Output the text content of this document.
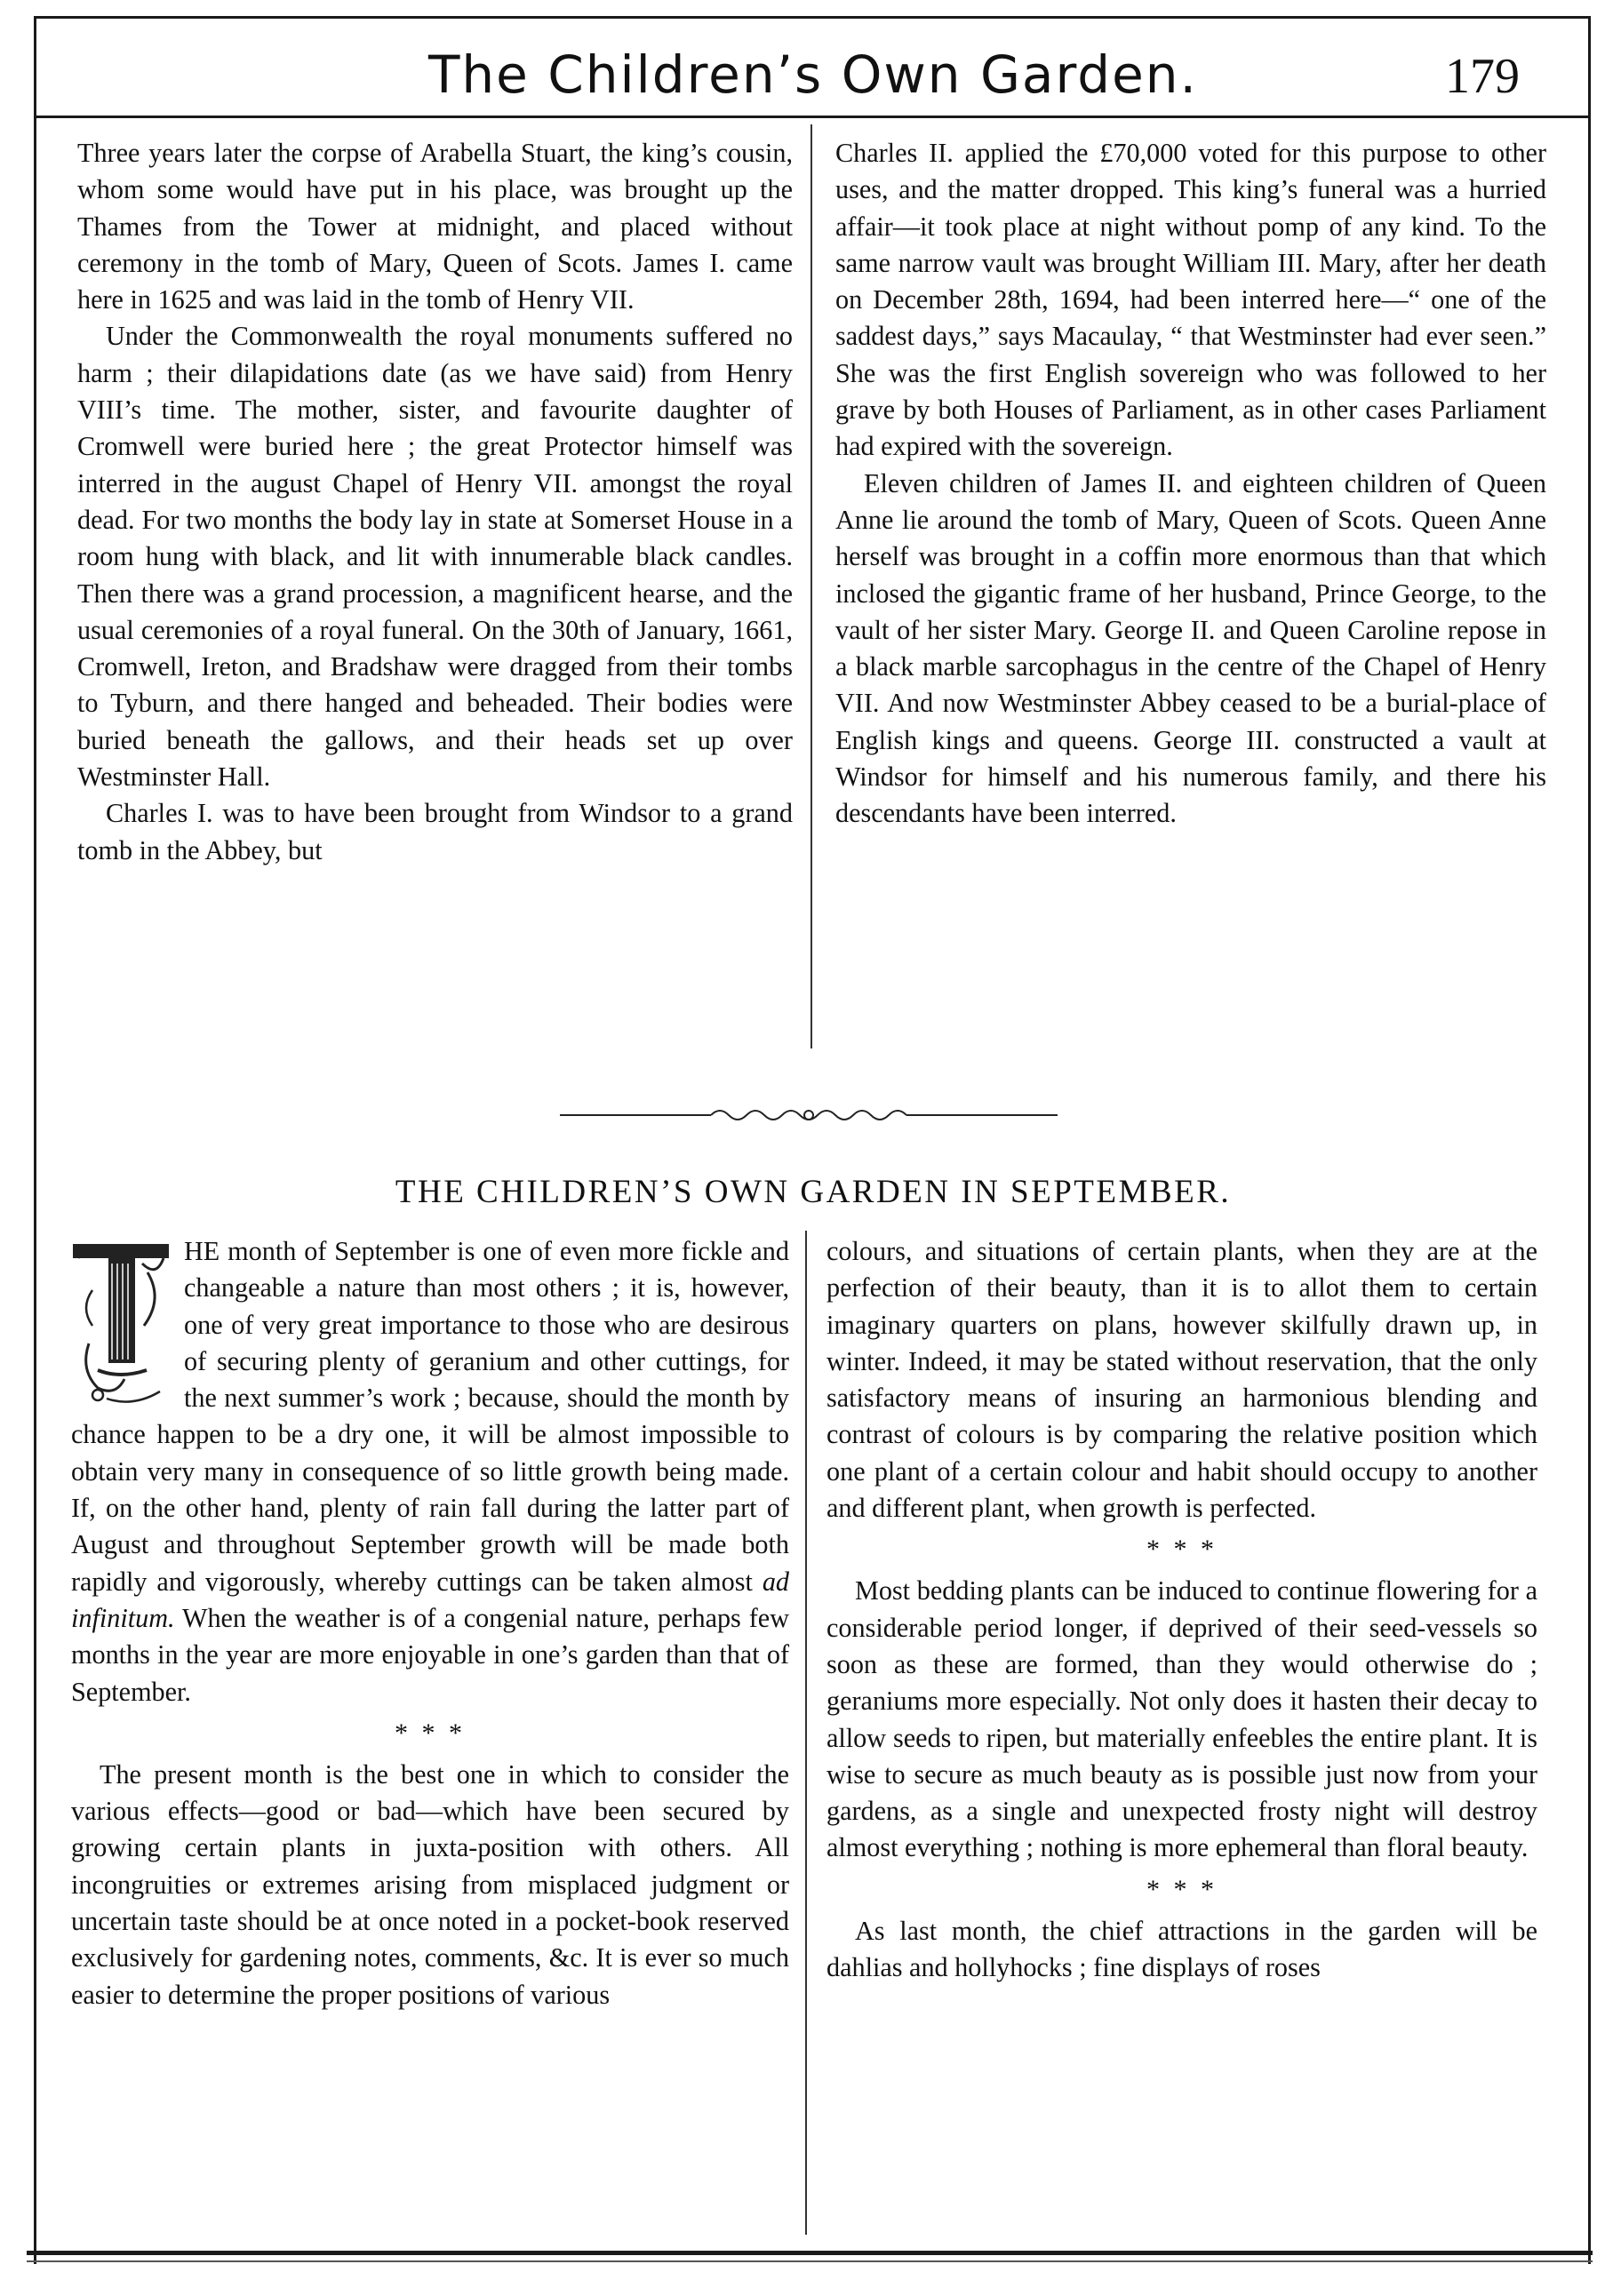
The Children’s Own Garden.	179

Three years later the corpse of Arabella Stuart, the king’s cousin, whom some would have put in his place, was brought up the Thames from the Tower at midnight, and placed without ceremony in the tomb of Mary, Queen of Scots. James I. came here in 1625 and was laid in the tomb of Henry VII.

Under the Commonwealth the royal monuments suffered no harm ; their dilapidations date (as we have said) from Henry VIII’s time. The mother, sister, and favourite daughter of Cromwell were buried here ; the great Protector himself was interred in the august Chapel of Henry VII. amongst the royal dead. For two months the body lay in state at Somerset House in a room hung with black, and lit with innumerable black candles. Then there was a grand procession, a magnificent hearse, and the usual ceremonies of a royal funeral. On the 30th of January, 1661, Cromwell, Ireton, and Bradshaw were dragged from their tombs to Tyburn, and there hanged and beheaded. Their bodies were buried beneath the gallows, and their heads set up over Westminster Hall.

Charles I. was to have been brought from Windsor to a grand tomb in the Abbey, but

Charles II. applied the £70,000 voted for this purpose to other uses, and the matter dropped. This king’s funeral was a hurried affair—it took place at night without pomp of any kind. To the same narrow vault was brought William III. Mary, after her death on December 28th, 1694, had been interred here—“ one of the saddest days,” says Macaulay, “ that Westminster had ever seen.” She was the first English sovereign who was followed to her grave by both Houses of Parliament, as in other cases Parliament had expired with the sovereign.

Eleven children of James II. and eighteen children of Queen Anne lie around the tomb of Mary, Queen of Scots. Queen Anne herself was brought in a coffin more enormous than that which inclosed the gigantic frame of her husband, Prince George, to the vault of her sister Mary. George II. and Queen Caroline repose in a black marble sarcophagus in the centre of the Chapel of Henry VII. And now Westminster Abbey ceased to be a burial-place of English kings and queens. George III. constructed a vault at Windsor for himself and his numerous family, and there his descendants have been interred.

THE CHILDREN’S OWN GARDEN IN SEPTEMBER.

HE month of September is one of even more fickle and changeable a nature than most others ; it is, however, one of very great importance to those who are desirous of securing plenty of geranium and other cuttings, for the next summer’s work ; because, should the month by chance happen to be a dry one, it will be almost impossible to obtain very many in consequence of so little growth being made. If, on the other hand, plenty of rain fall during the latter part of August and throughout September growth will be made both rapidly and vigorously, whereby cuttings can be taken almost ad infinitum. When the weather is of a congenial nature, perhaps few months in the year are more enjoyable in one’s garden than that of September.

* * *

The present month is the best one in which to consider the various effects—good or bad—which have been secured by growing certain plants in juxta-position with others. All incongruities or extremes arising from misplaced judgment or uncertain taste should be at once noted in a pocket-book reserved exclusively for gardening notes, comments, &c. It is ever so much easier to determine the proper positions of various

colours, and situations of certain plants, when they are at the perfection of their beauty, than it is to allot them to certain imaginary quarters on plans, however skilfully drawn up, in winter. Indeed, it may be stated without reservation, that the only satisfactory means of insuring an harmonious blending and contrast of colours is by comparing the relative position which one plant of a certain colour and habit should occupy to another and different plant, when growth is perfected.

* * *

Most bedding plants can be induced to continue flowering for a considerable period longer, if deprived of their seed-vessels so soon as these are formed, than they would otherwise do ; geraniums more especially. Not only does it hasten their decay to allow seeds to ripen, but materially enfeebles the entire plant. It is wise to secure as much beauty as is possible just now from your gardens, as a single and unexpected frosty night will destroy almost everything ; nothing is more ephemeral than floral beauty.

* * *

As last month, the chief attractions in the garden will be dahlias and hollyhocks ; fine displays of roses
